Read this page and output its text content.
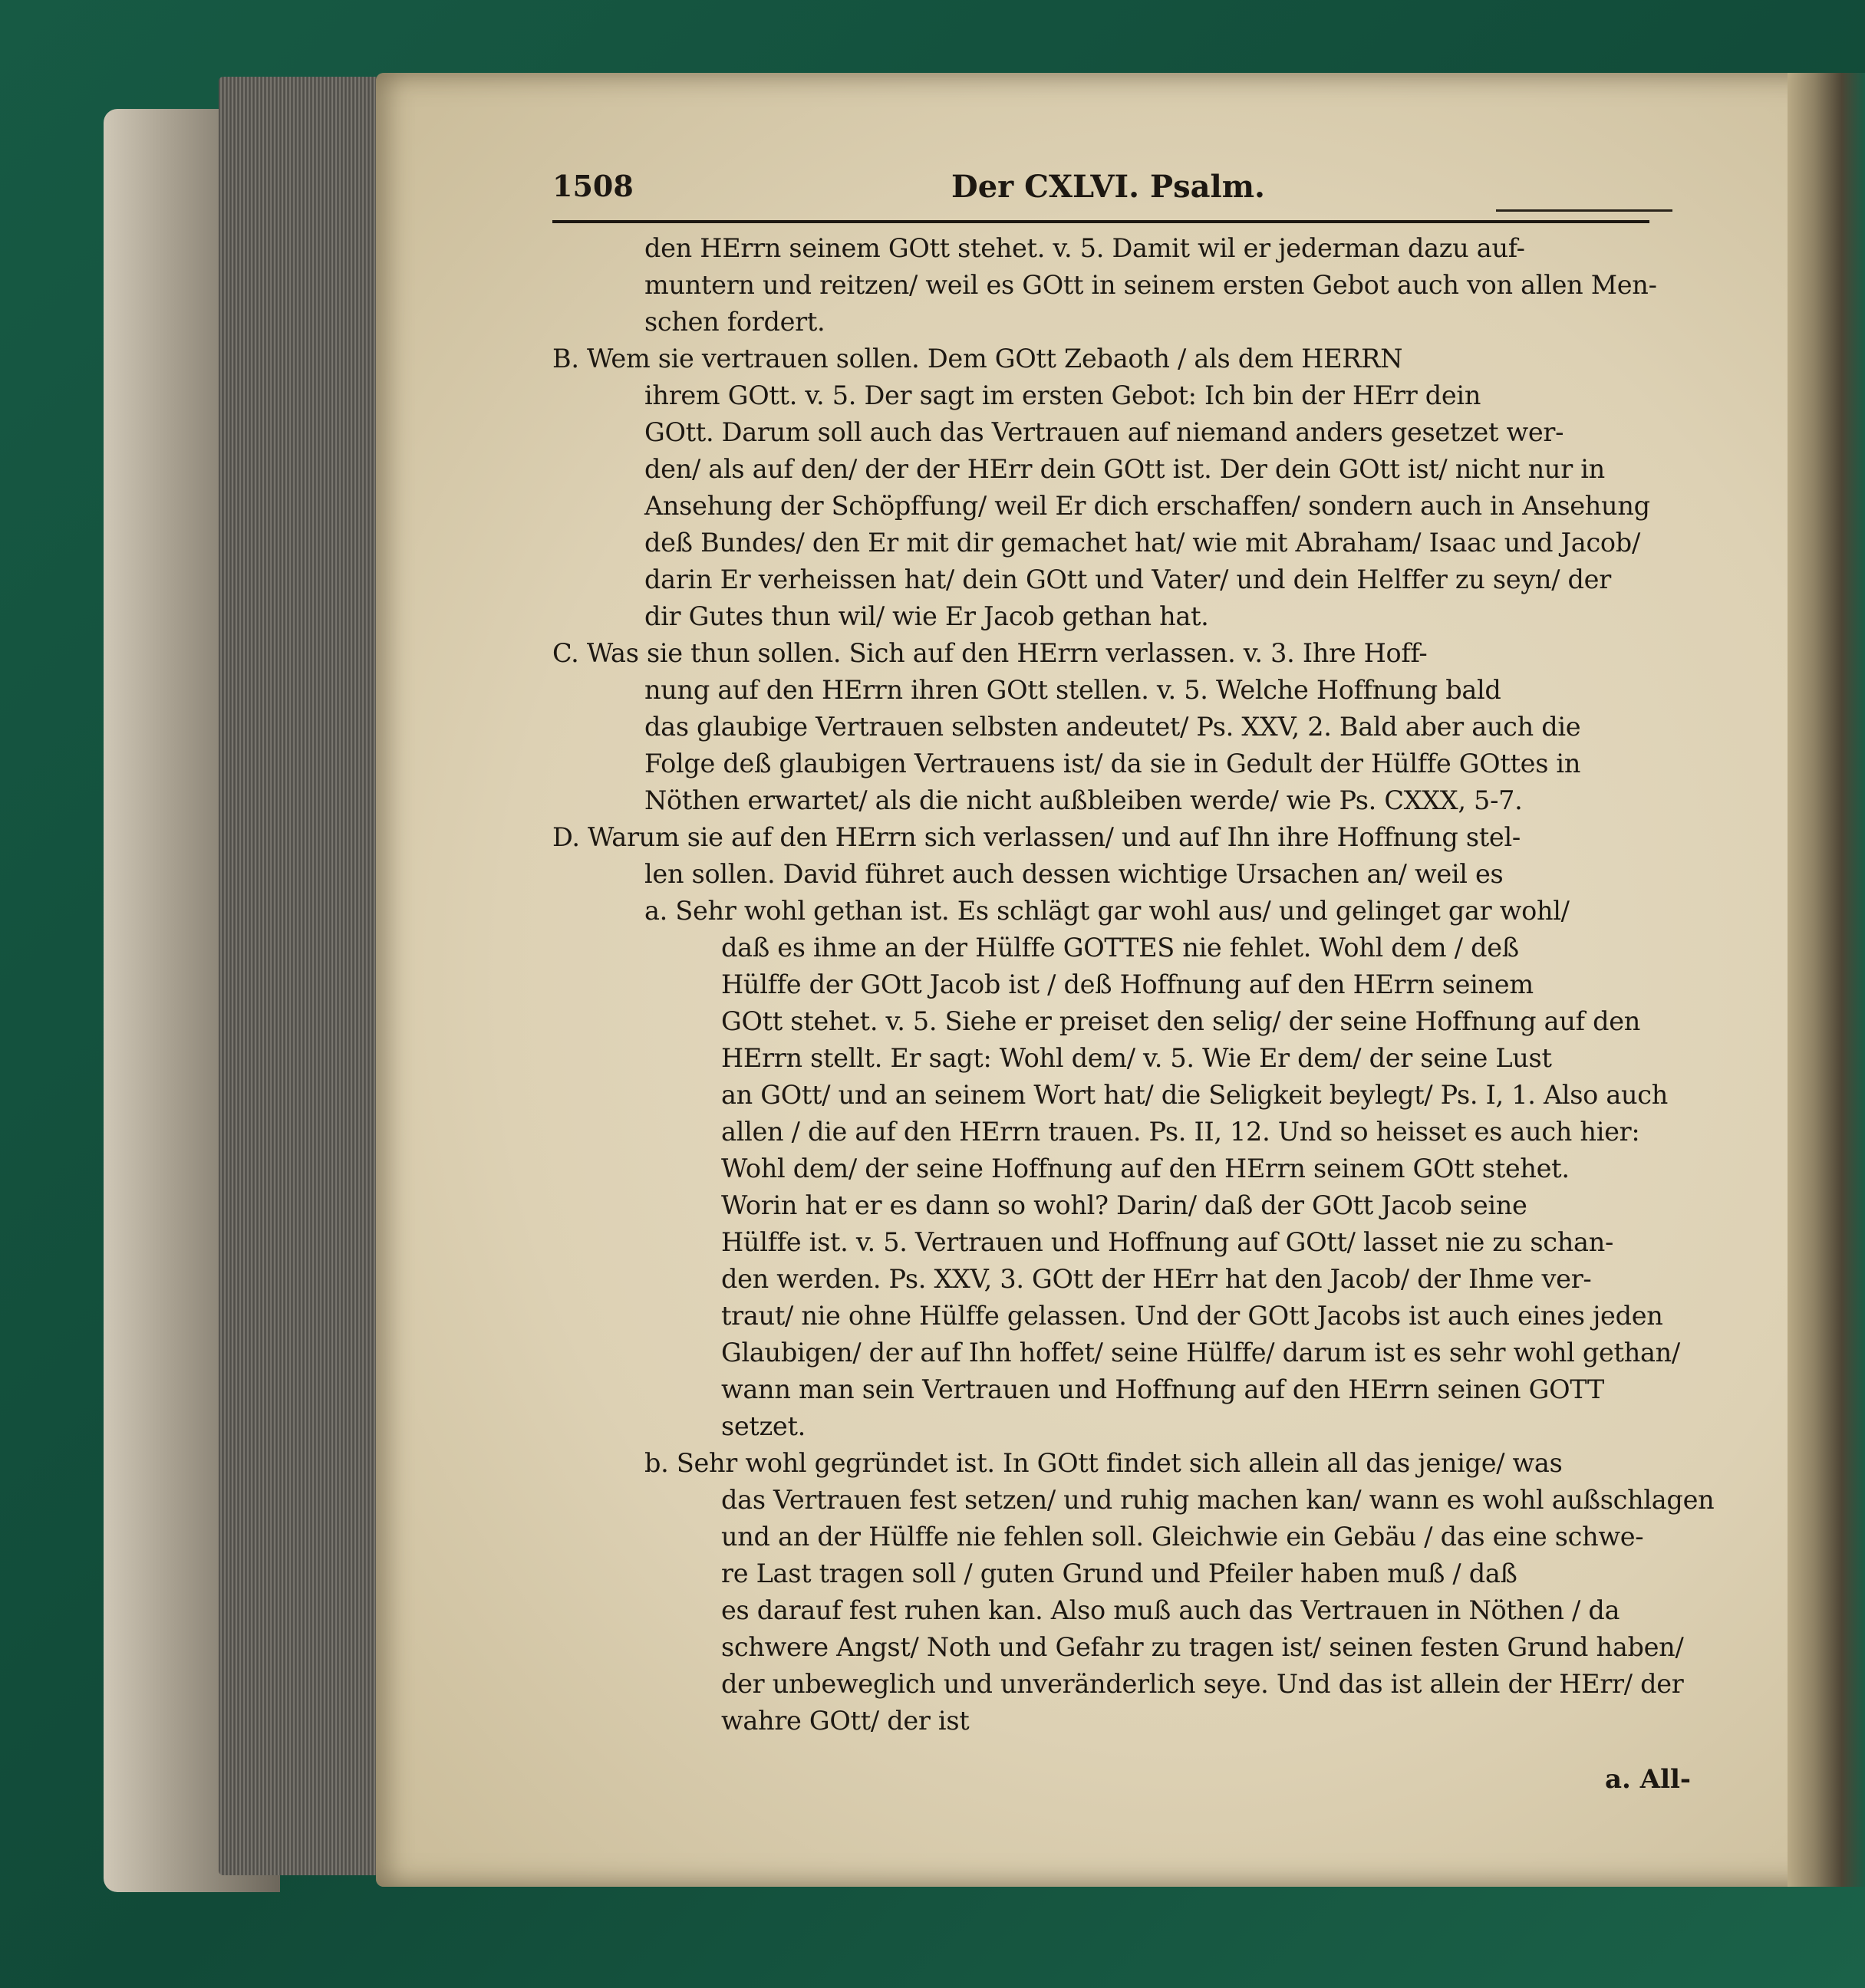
1508	Der CXLVI. Psalm.
den HErrn seinem GOtt stehet. v. 5. Damit wil er jederman dazu auf-
muntern und reitzen/ weil es GOtt in seinem ersten Gebot auch von allen Men-
schen fordert.
B. Wem sie vertrauen sollen. Dem GOtt Zebaoth / als dem HERRN
ihrem GOtt. v. 5. Der sagt im ersten Gebot: Ich bin der HErr dein
GOtt. Darum soll auch das Vertrauen auf niemand anders gesetzet wer-
den/ als auf den/ der der HErr dein GOtt ist. Der dein GOtt ist/ nicht nur in
Ansehung der Schöpffung/ weil Er dich erschaffen/ sondern auch in Ansehung
deß Bundes/ den Er mit dir gemachet hat/ wie mit Abraham/ Isaac und Jacob/
darin Er verheissen hat/ dein GOtt und Vater/ und dein Helffer zu seyn/ der
dir Gutes thun wil/ wie Er Jacob gethan hat.
C. Was sie thun sollen. Sich auf den HErrn verlassen. v. 3. Ihre Hoff-
nung auf den HErrn ihren GOtt stellen. v. 5. Welche Hoffnung bald
das glaubige Vertrauen selbsten andeutet/ Ps. XXV, 2. Bald aber auch die
Folge deß glaubigen Vertrauens ist/ da sie in Gedult der Hülffe GOttes in
Nöthen erwartet/ als die nicht außbleiben werde/ wie Ps. CXXX, 5-7.
D. Warum sie auf den HErrn sich verlassen/ und auf Ihn ihre Hoffnung stel-
len sollen. David führet auch dessen wichtige Ursachen an/ weil es
a. Sehr wohl gethan ist. Es schlägt gar wohl aus/ und gelinget gar wohl/
daß es ihme an der Hülffe GOTTES nie fehlet. Wohl dem / deß
Hülffe der GOtt Jacob ist / deß Hoffnung auf den HErrn seinem
GOtt stehet. v. 5. Siehe er preiset den selig/ der seine Hoffnung auf den
HErrn stellt. Er sagt: Wohl dem/ v. 5. Wie Er dem/ der seine Lust
an GOtt/ und an seinem Wort hat/ die Seligkeit beylegt/ Ps. I, 1. Also auch
allen / die auf den HErrn trauen. Ps. II, 12. Und so heisset es auch hier:
Wohl dem/ der seine Hoffnung auf den HErrn seinem GOtt stehet.
Worin hat er es dann so wohl? Darin/ daß der GOtt Jacob seine
Hülffe ist. v. 5. Vertrauen und Hoffnung auf GOtt/ lasset nie zu schan-
den werden. Ps. XXV, 3. GOtt der HErr hat den Jacob/ der Ihme ver-
traut/ nie ohne Hülffe gelassen. Und der GOtt Jacobs ist auch eines jeden
Glaubigen/ der auf Ihn hoffet/ seine Hülffe/ darum ist es sehr wohl gethan/
wann man sein Vertrauen und Hoffnung auf den HErrn seinen GOTT
setzet.
b. Sehr wohl gegründet ist. In GOtt findet sich allein all das jenige/ was
das Vertrauen fest setzen/ und ruhig machen kan/ wann es wohl außschlagen
und an der Hülffe nie fehlen soll. Gleichwie ein Gebäu / das eine schwe-
re Last tragen soll / guten Grund und Pfeiler haben muß / daß
es darauf fest ruhen kan. Also muß auch das Vertrauen in Nöthen / da
schwere Angst/ Noth und Gefahr zu tragen ist/ seinen festen Grund haben/
der unbeweglich und unveränderlich seye. Und das ist allein der HErr/ der
wahre GOtt/ der ist
a. All-
